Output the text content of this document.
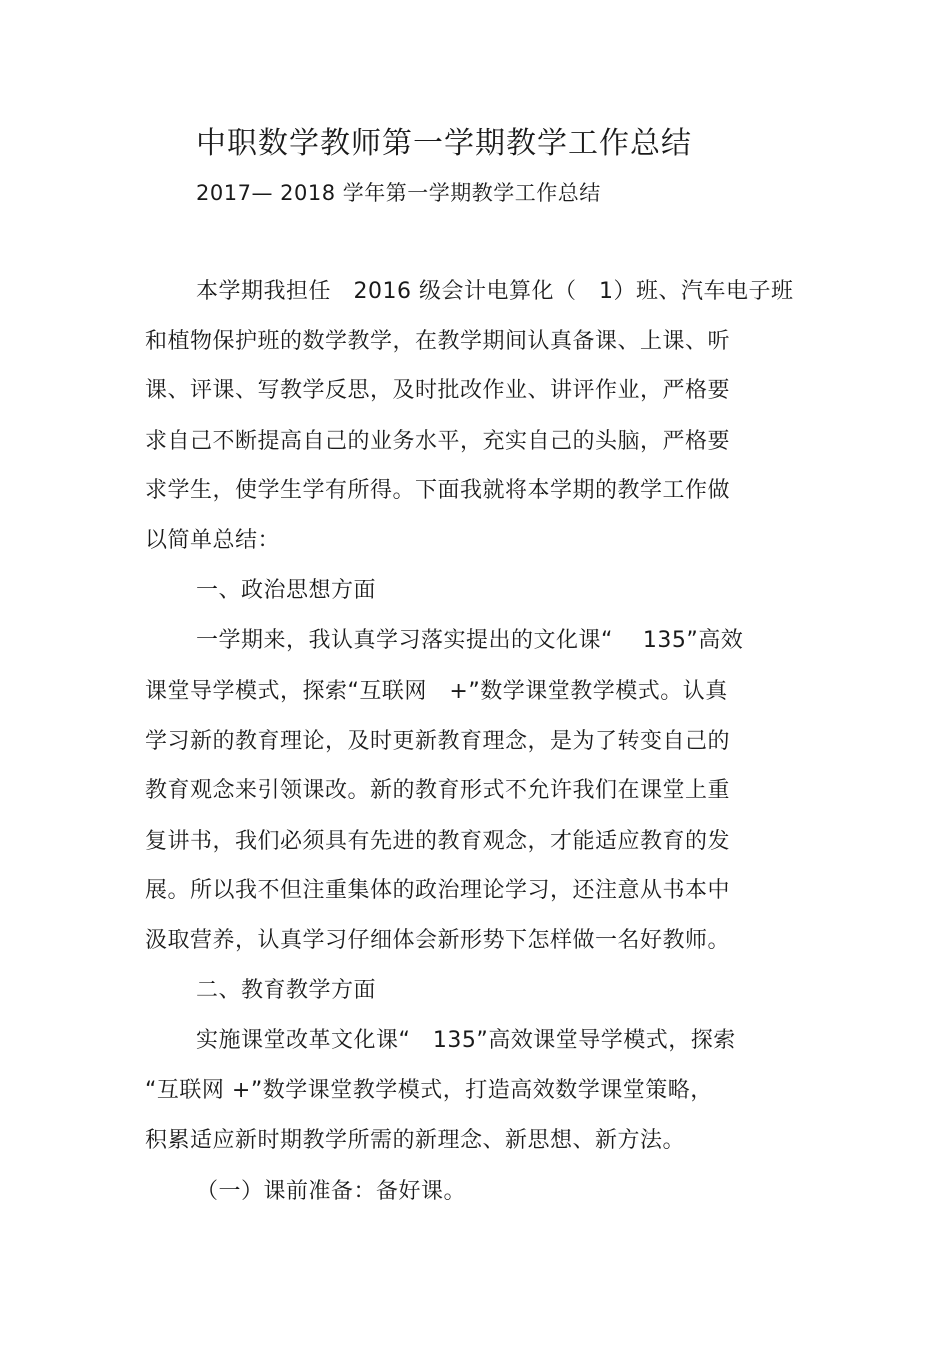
中职数学教师第一学期教学工作总结
2017— 2018 学年第一学期教学工作总结
本学期我担任　2016 级会计电算化（　1）班、汽车电子班
和植物保护班的数学教学，在教学期间认真备课、上课、听
课、评课、写教学反思，及时批改作业、讲评作业，严格要
求自己不断提高自己的业务水平，充实自己的头脑，严格要
求学生，使学生学有所得。下面我就将本学期的教学工作做
以简单总结：
一、政治思想方面
一学期来，我认真学习落实提出的文化课“　 135”高效
课堂导学模式，探索“互联网　+”数学课堂教学模式。认真
学习新的教育理论，及时更新教育理念，是为了转变自己的
教育观念来引领课改。新的教育形式不允许我们在课堂上重
复讲书，我们必须具有先进的教育观念，才能适应教育的发
展。所以我不但注重集体的政治理论学习，还注意从书本中
汲取营养，认真学习仔细体会新形势下怎样做一名好教师。
二、教育教学方面
实施课堂改革文化课“　135”高效课堂导学模式，探索
“互联网 +”数学课堂教学模式，打造高效数学课堂策略，
积累适应新时期教学所需的新理念、新思想、新方法。
（一）课前准备：备好课。
